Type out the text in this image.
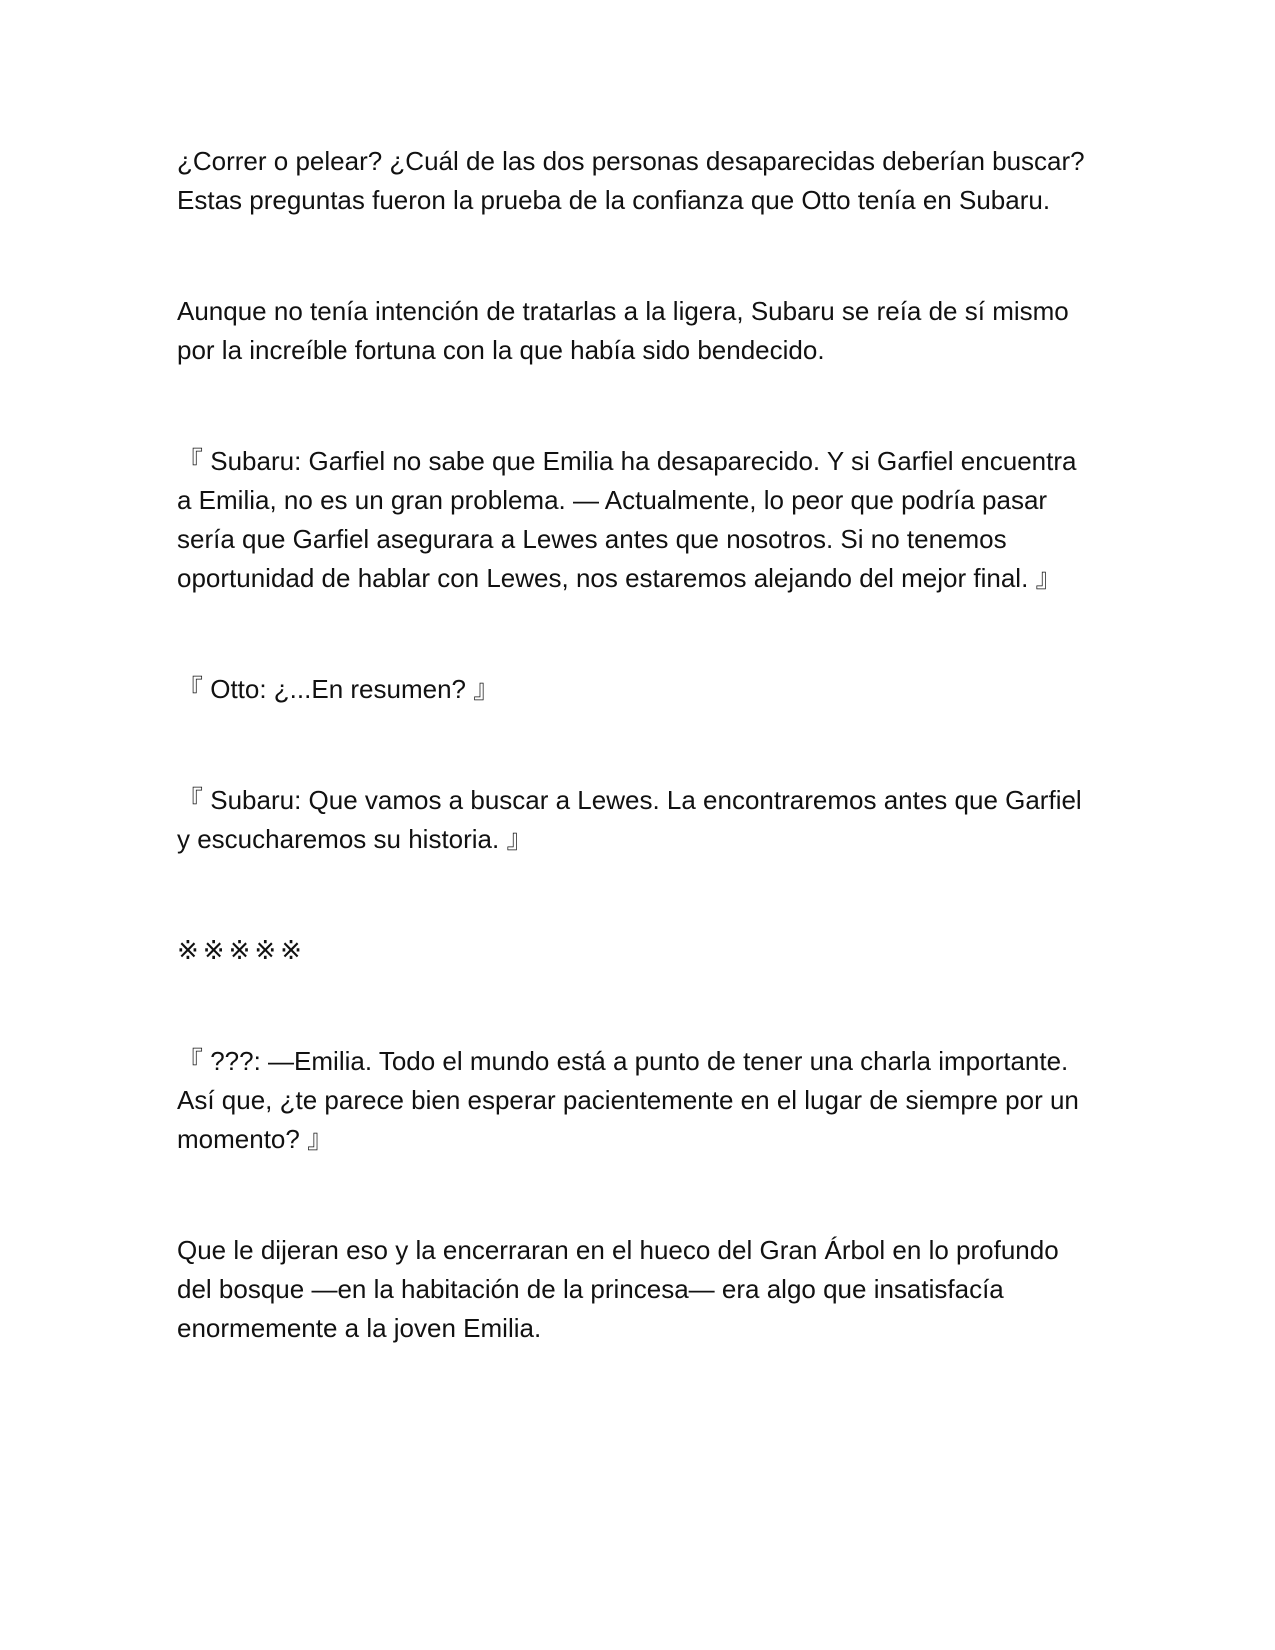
¿Correr o pelear? ¿Cuál de las dos personas desaparecidas deberían buscar? Estas preguntas fueron la prueba de la confianza que Otto tenía en Subaru.

Aunque no tenía intención de tratarlas a la ligera, Subaru se reía de sí mismo por la increíble fortuna con la que había sido bendecido.

『 Subaru: Garfiel no sabe que Emilia ha desaparecido. Y si Garfiel encuentra a Emilia, no es un gran problema. — Actualmente, lo peor que podría pasar sería que Garfiel asegurara a Lewes antes que nosotros. Si no tenemos oportunidad de hablar con Lewes, nos estaremos alejando del mejor final. 』

『 Otto: ¿...En resumen? 』

『 Subaru: Que vamos a buscar a Lewes. La encontraremos antes que Garfiel y escucharemos su historia. 』

※※※※※

『 ???: —Emilia. Todo el mundo está a punto de tener una charla importante. Así que, ¿te parece bien esperar pacientemente en el lugar de siempre por un momento? 』

Que le dijeran eso y la encerraran en el hueco del Gran Árbol en lo profundo del bosque —en la habitación de la princesa— era algo que insatisfacía enormemente a la joven Emilia.
